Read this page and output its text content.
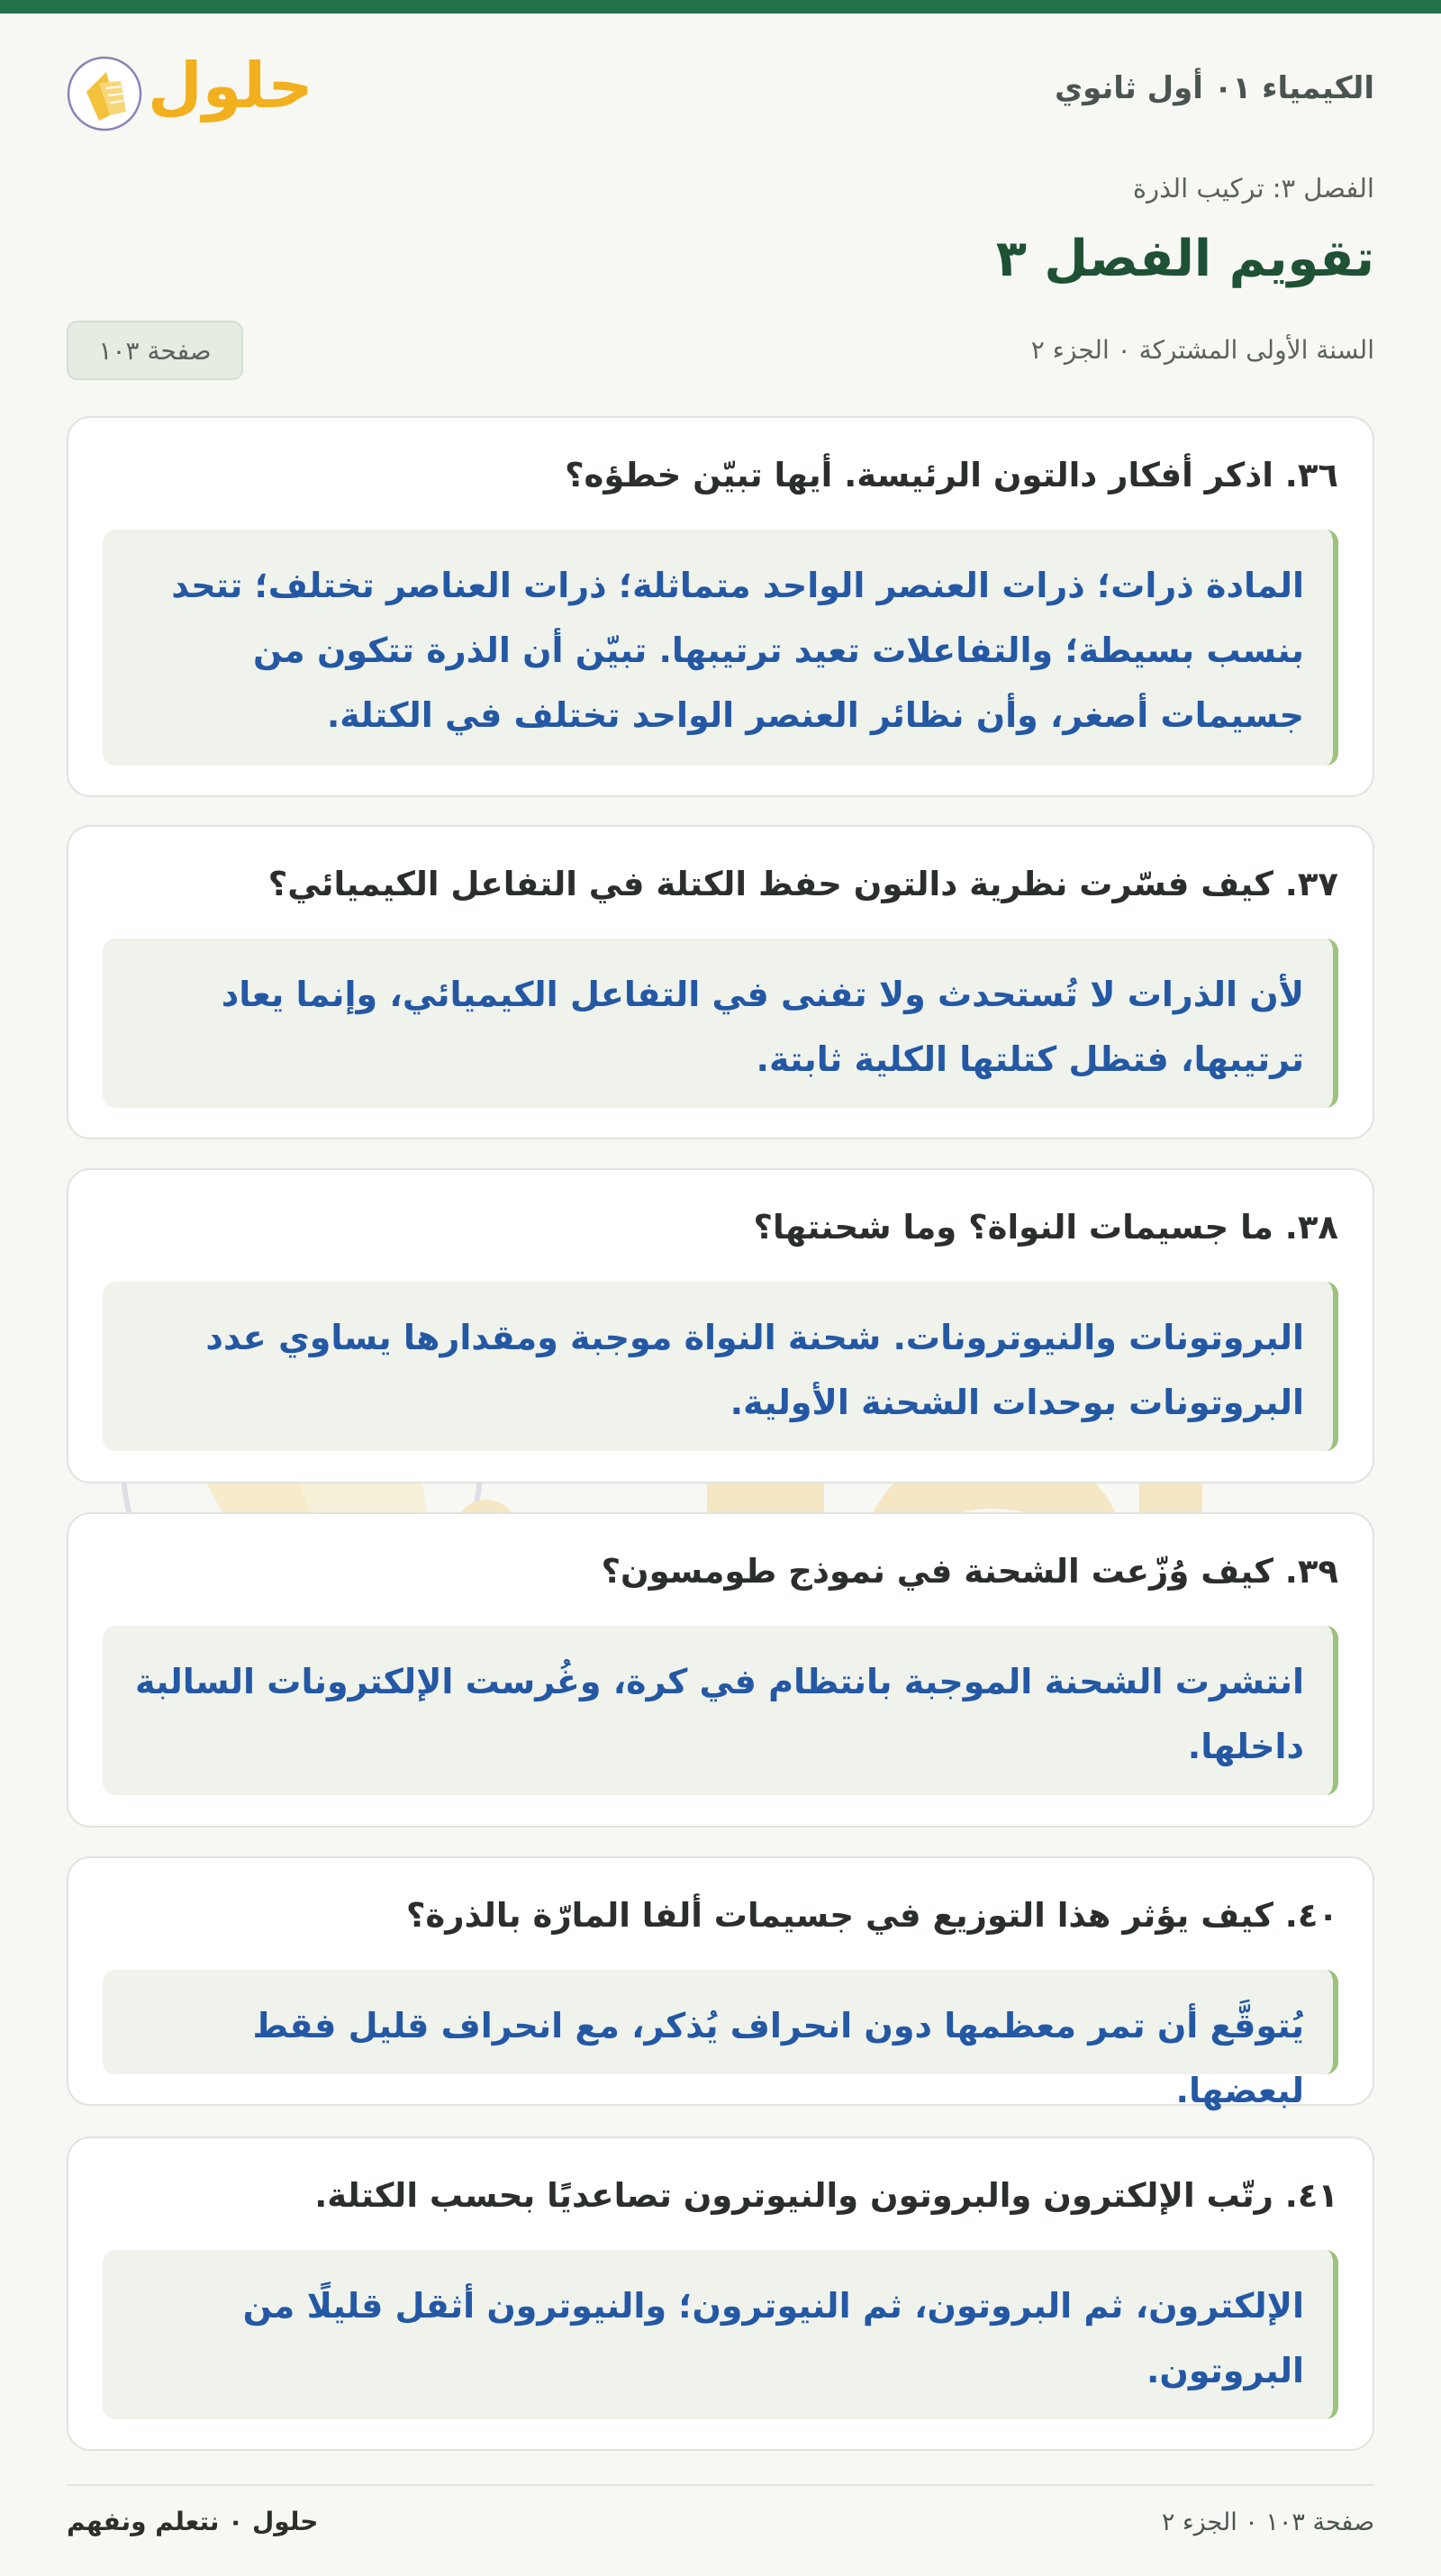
الكيمياء ٠١ أول ثانوي
حلول
الفصل ٣: تركيب الذرة
تقويم الفصل ٣
السنة الأولى المشتركة ٠ الجزء ٢
صفحة ١٠٣
٣٦. اذكر أفكار دالتون الرئيسة. أيها تبيّن خطؤه؟
المادة ذرات؛ ذرات العنصر الواحد متماثلة؛ ذرات العناصر تختلف؛ تتحد بنسب بسيطة؛ والتفاعلات تعيد ترتيبها. تبيّن أن الذرة تتكون من جسيمات أصغر، وأن نظائر العنصر الواحد تختلف في الكتلة.
٣٧. كيف فسّرت نظرية دالتون حفظ الكتلة في التفاعل الكيميائي؟
لأن الذرات لا تُستحدث ولا تفنى في التفاعل الكيميائي، وإنما يعاد ترتيبها، فتظل كتلتها الكلية ثابتة.
٣٨. ما جسيمات النواة؟ وما شحنتها؟
البروتونات والنيوترونات. شحنة النواة موجبة ومقدارها يساوي عدد البروتونات بوحدات الشحنة الأولية.
٣٩. كيف وُزّعت الشحنة في نموذج طومسون؟
انتشرت الشحنة الموجبة بانتظام في كرة، وغُرست الإلكترونات السالبة داخلها.
٤٠. كيف يؤثر هذا التوزيع في جسيمات ألفا المارّة بالذرة؟
يُتوقَّع أن تمر معظمها دون انحراف يُذكر، مع انحراف قليل فقط لبعضها.
٤١. رتّب الإلكترون والبروتون والنيوترون تصاعديًا بحسب الكتلة.
الإلكترون، ثم البروتون، ثم النيوترون؛ والنيوترون أثقل قليلًا من البروتون.
صفحة ١٠٣ ٠ الجزء ٢
حلول ٠ نتعلم ونفهم
